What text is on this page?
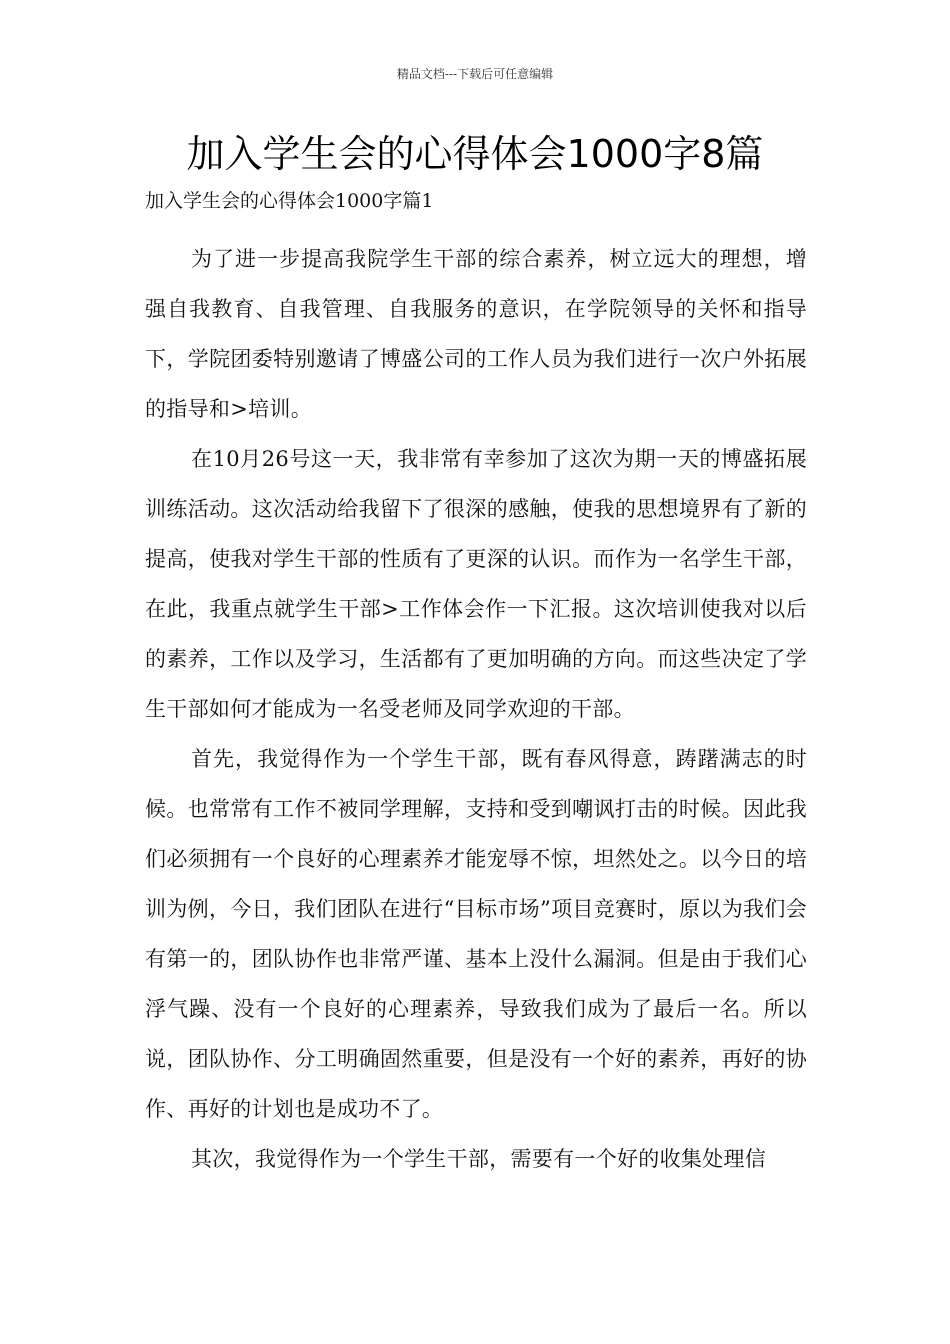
精品文档---下载后可任意编辑
加入学生会的心得体会1000字8篇
加入学生会的心得体会1000字篇1

为了进一步提高我院学生干部的综合素养，树立远大的理想，增强自我教育、自我管理、自我服务的意识，在学院领导的关怀和指导下，学院团委特别邀请了博盛公司的工作人员为我们进行一次户外拓展的指导和>培训。

在10月26号这一天，我非常有幸参加了这次为期一天的博盛拓展训练活动。这次活动给我留下了很深的感触，使我的思想境界有了新的提高，使我对学生干部的性质有了更深的认识。而作为一名学生干部，在此，我重点就学生干部>工作体会作一下汇报。这次培训使我对以后的素养，工作以及学习，生活都有了更加明确的方向。而这些决定了学生干部如何才能成为一名受老师及同学欢迎的干部。

首先，我觉得作为一个学生干部，既有春风得意，踌躇满志的时候。也常常有工作不被同学理解，支持和受到嘲讽打击的时候。因此我们必须拥有一个良好的心理素养才能宠辱不惊，坦然处之。以今日的培训为例，今日，我们团队在进行“目标市场”项目竞赛时，原以为我们会有第一的，团队协作也非常严谨、基本上没什么漏洞。但是由于我们心浮气躁、没有一个良好的心理素养，导致我们成为了最后一名。所以说，团队协作、分工明确固然重要，但是没有一个好的素养，再好的协作、再好的计划也是成功不了。

其次，我觉得作为一个学生干部，需要有一个好的收集处理信
